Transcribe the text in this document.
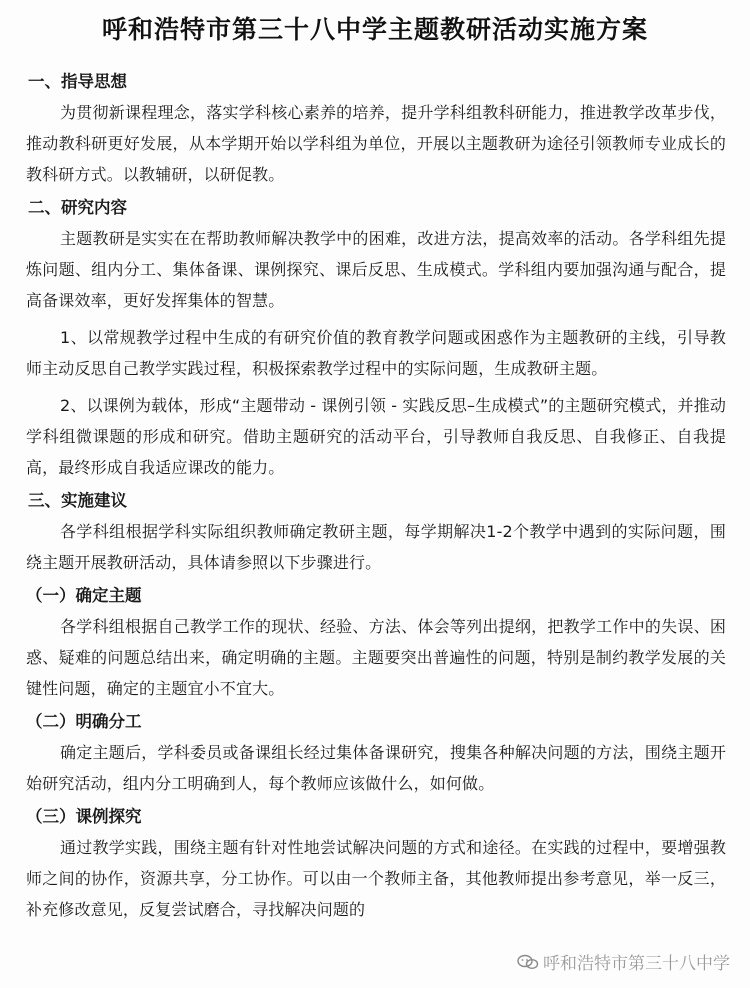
呼和浩特市第三十八中学主题教研活动实施方案

一、指导思想

为贯彻新课程理念，落实学科核心素养的培养，提升学科组教科研能力，推进教学改革步伐，推动教科研更好发展，从本学期开始以学科组为单位，开展以主题教研为途径引领教师专业成长的教科研方式。以教辅研，以研促教。

二、研究内容

主题教研是实实在在帮助教师解决教学中的困难，改进方法，提高效率的活动。各学科组先提炼问题、组内分工、集体备课、课例探究、课后反思、生成模式。学科组内要加强沟通与配合，提高备课效率，更好发挥集体的智慧。

1、以常规教学过程中生成的有研究价值的教育教学问题或困惑作为主题教研的主线，引导教师主动反思自己教学实践过程，积极探索教学过程中的实际问题，生成教研主题。

2、以课例为载体，形成“主题带动 - 课例引领 - 实践反思–生成模式”的主题研究模式，并推动学科组微课题的形成和研究。借助主题研究的活动平台，引导教师自我反思、自我修正、自我提高，最终形成自我适应课改的能力。

三、实施建议

各学科组根据学科实际组织教师确定教研主题，每学期解决1-2个教学中遇到的实际问题，围绕主题开展教研活动，具体请参照以下步骤进行。

（一）确定主题

各学科组根据自己教学工作的现状、经验、方法、体会等列出提纲，把教学工作中的失误、困惑、疑难的问题总结出来，确定明确的主题。主题要突出普遍性的问题，特别是制约教学发展的关键性问题，确定的主题宜小不宜大。

（二）明确分工

确定主题后，学科委员或备课组长经过集体备课研究，搜集各种解决问题的方法，围绕主题开始研究活动，组内分工明确到人，每个教师应该做什么，如何做。

（三）课例探究

通过教学实践，围绕主题有针对性地尝试解决问题的方式和途径。在实践的过程中，要增强教师之间的协作，资源共享，分工协作。可以由一个教师主备，其他教师提出参考意见，举一反三，补充修改意见，反复尝试磨合，寻找解决问题的

呼和浩特市第三十八中学
